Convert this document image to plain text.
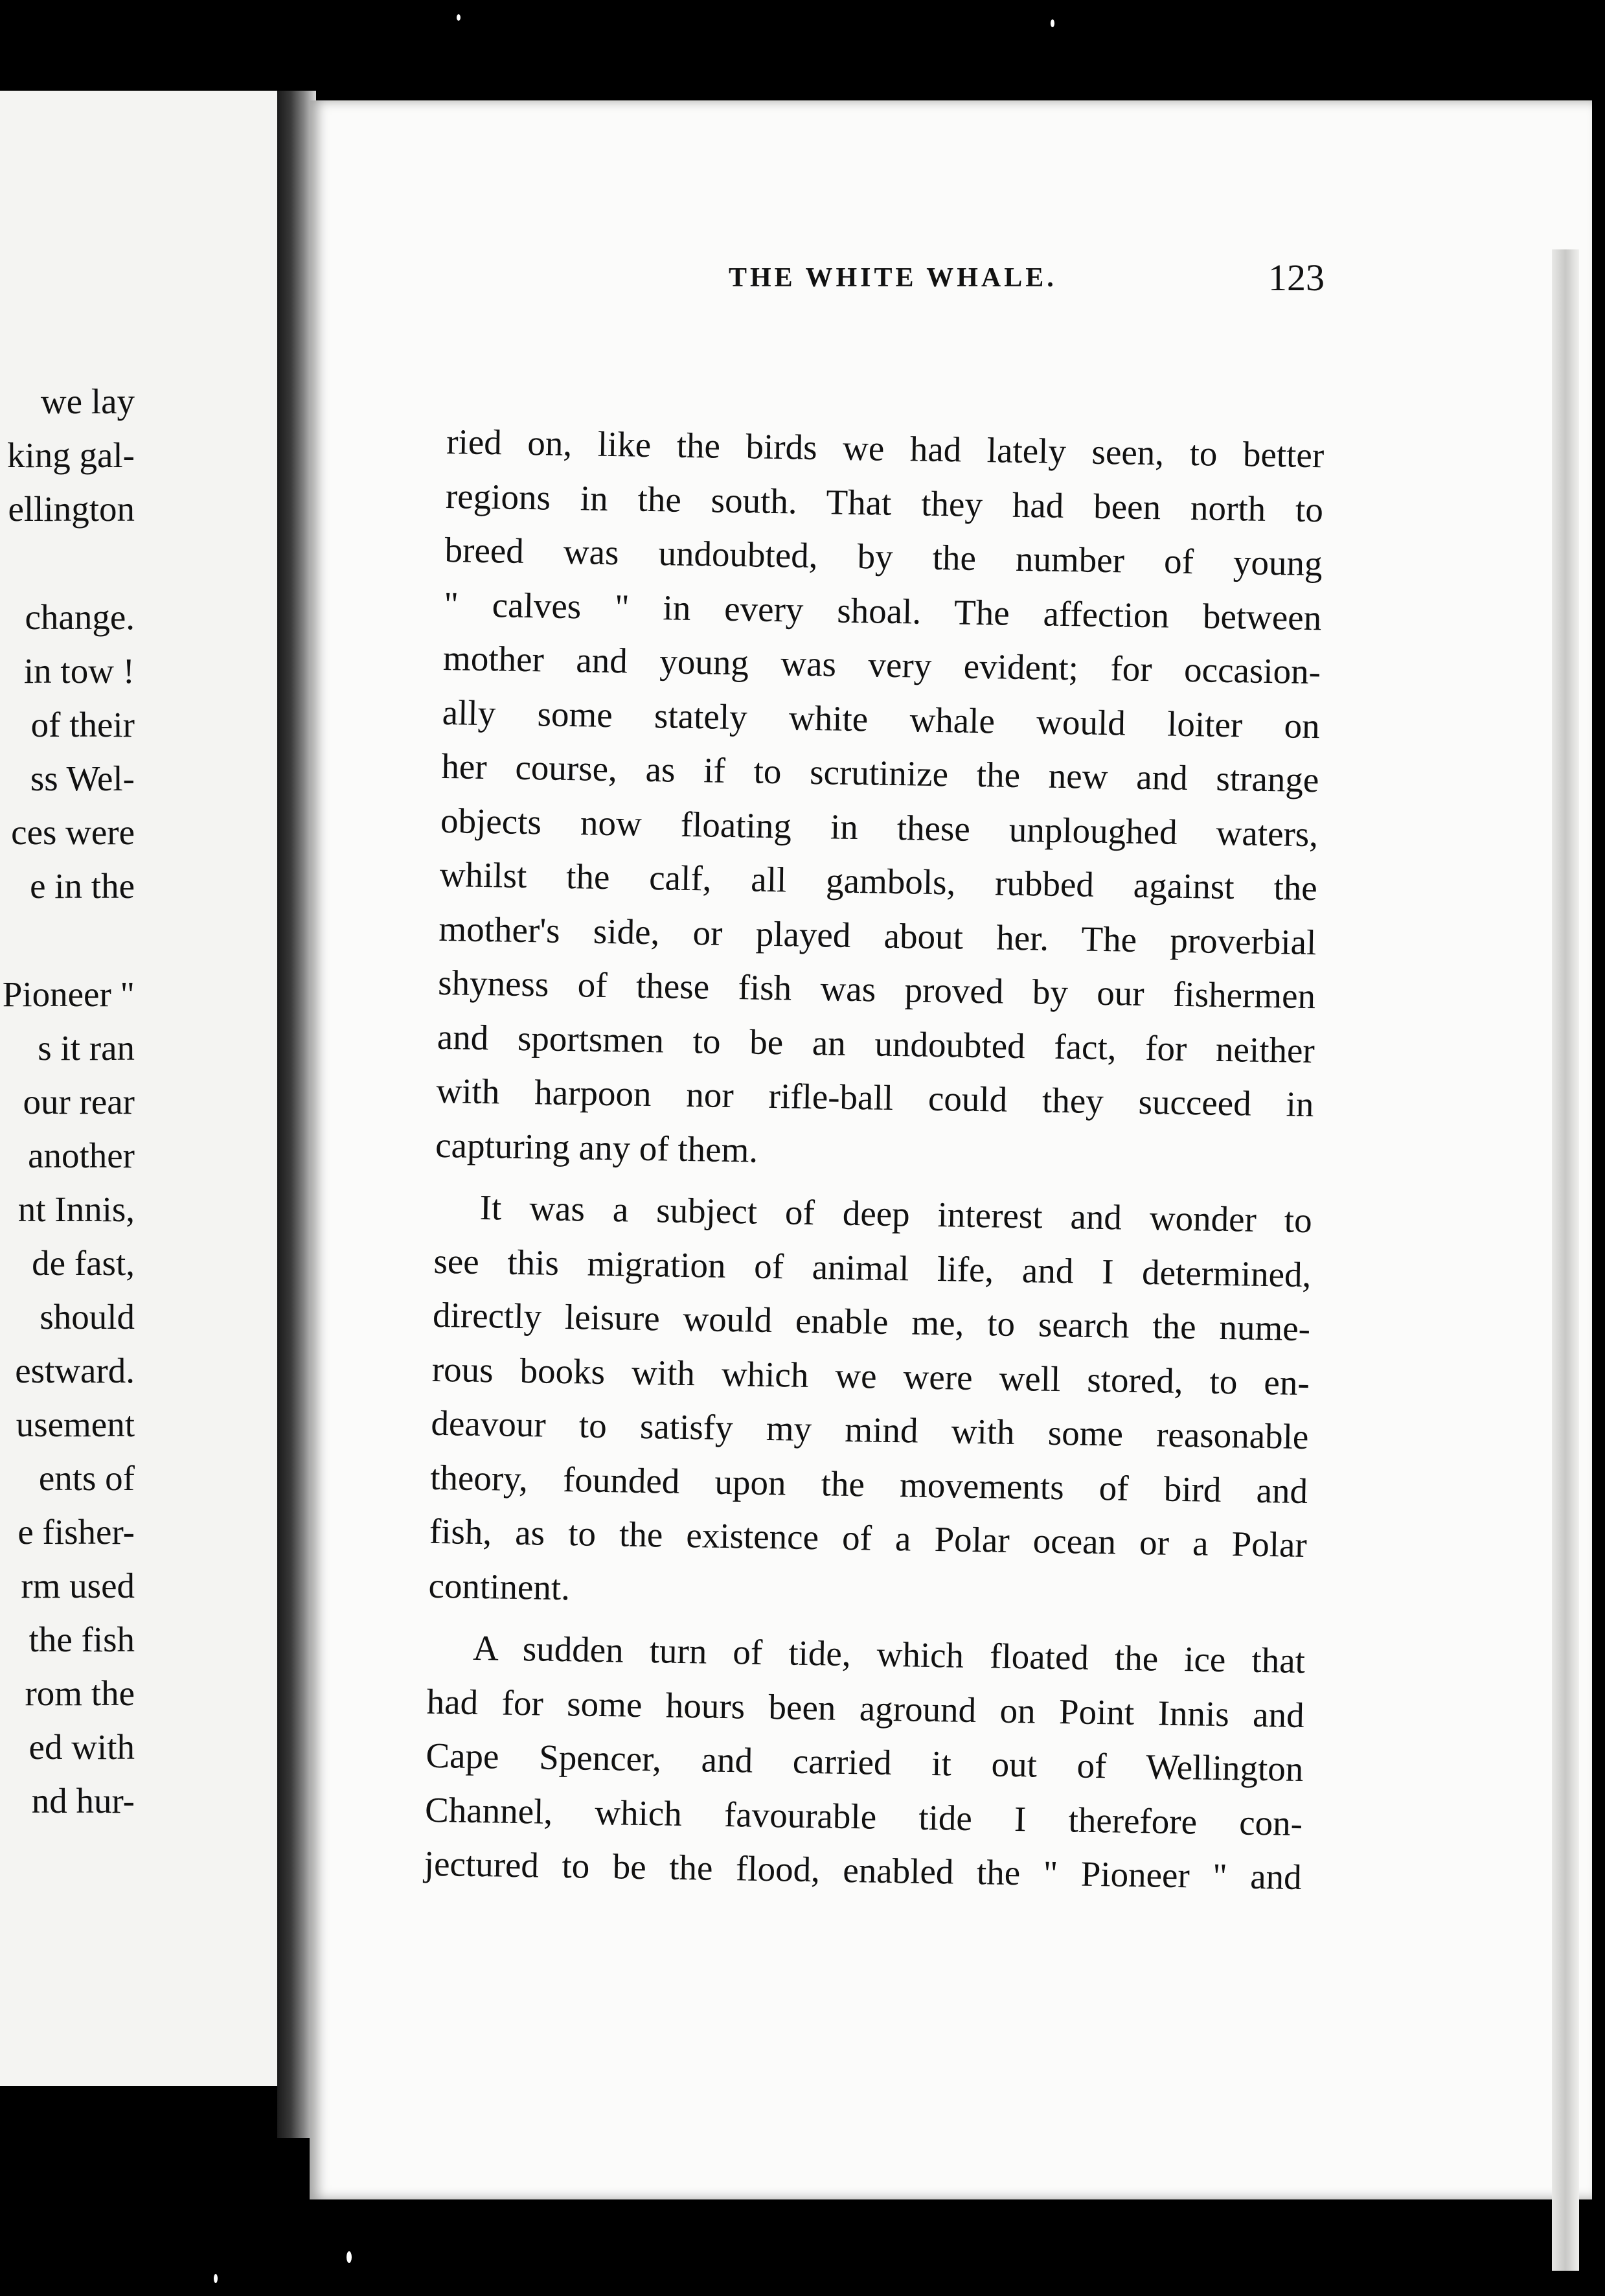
we lay
king gal-
ellington
change.
in tow !
of their
ss Wel-
ces were
e in the
Pioneer "
s it ran
our rear
another
nt Innis,
de fast,
should
estward.
usement
ents of
e fisher-
rm used
the fish
rom the
ed with
nd hur-
THE WHITE WHALE.	123
ried on, like the birds we had lately seen, to better
regions in the south. That they had been north to
breed was undoubted, by the number of young
" calves " in every shoal. The affection between
mother and young was very evident; for occasion-
ally some stately white whale would loiter on
her course, as if to scrutinize the new and strange
objects now floating in these unploughed waters,
whilst the calf, all gambols, rubbed against the
mother's side, or played about her. The proverbial
shyness of these fish was proved by our fishermen
and sportsmen to be an undoubted fact, for neither
with harpoon nor rifle-ball could they succeed in
capturing any of them.
It was a subject of deep interest and wonder to
see this migration of animal life, and I determined,
directly leisure would enable me, to search the nume-
rous books with which we were well stored, to en-
deavour to satisfy my mind with some reasonable
theory, founded upon the movements of bird and
fish, as to the existence of a Polar ocean or a Polar
continent.
A sudden turn of tide, which floated the ice that
had for some hours been aground on Point Innis and
Cape Spencer, and carried it out of Wellington
Channel, which favourable tide I therefore con-
jectured to be the flood, enabled the " Pioneer " and
